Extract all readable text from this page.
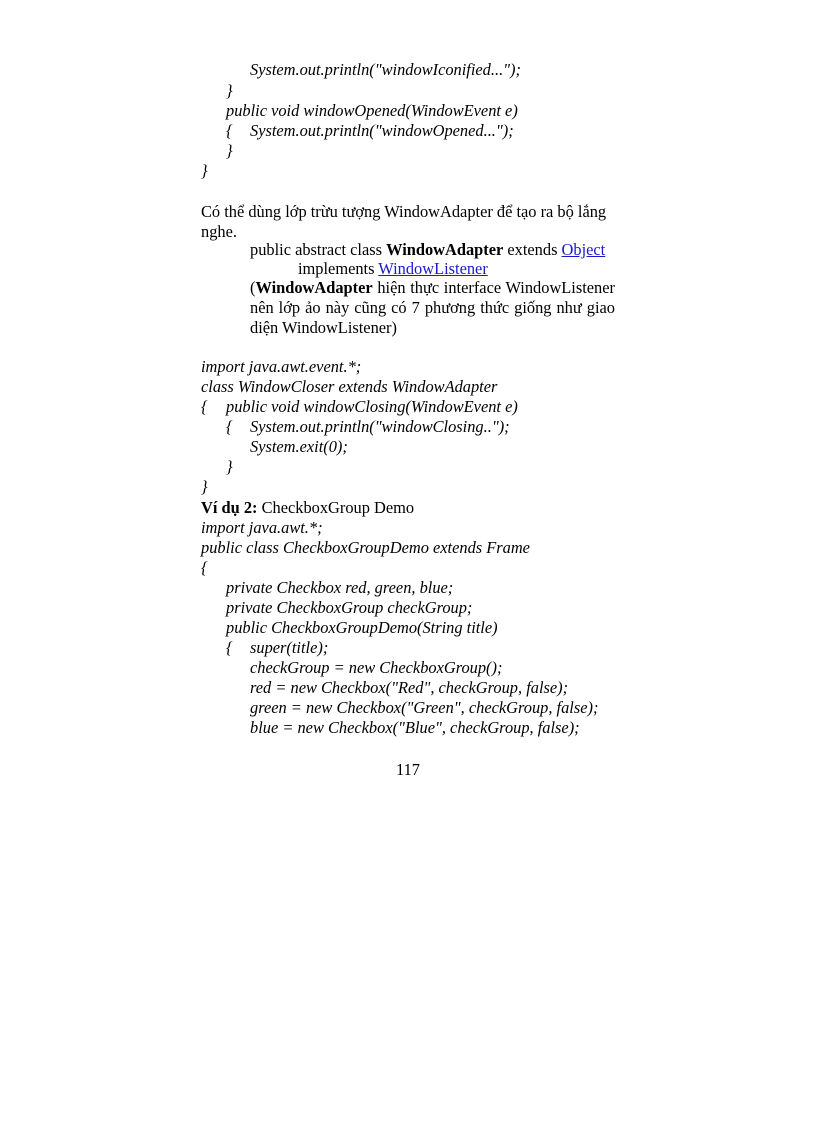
System.out.println("windowIconified...");
}
public void windowOpened(WindowEvent e)
{ System.out.println("windowOpened...");
}
}
Có thể dùng lớp trừu tượng WindowAdapter để tạo ra bộ lắng
nghe.
public abstract class WindowAdapter extends Object
implements WindowListener
(WindowAdapter hiện thực interface WindowListener
nên lớp ảo này cũng có 7 phương thức giống như giao
diện WindowListener)
import java.awt.event.*;
class WindowCloser extends WindowAdapter
{ public void windowClosing(WindowEvent e)
{ System.out.println("windowClosing..");
System.exit(0);
}
}
Ví dụ 2: CheckboxGroup Demo
import java.awt.*;
public class CheckboxGroupDemo extends Frame
{
private Checkbox red, green, blue;
private CheckboxGroup checkGroup;
public CheckboxGroupDemo(String title)
{ super(title);
checkGroup = new CheckboxGroup();
red = new Checkbox("Red", checkGroup, false);
green = new Checkbox("Green", checkGroup, false);
blue = new Checkbox("Blue", checkGroup, false);
117
